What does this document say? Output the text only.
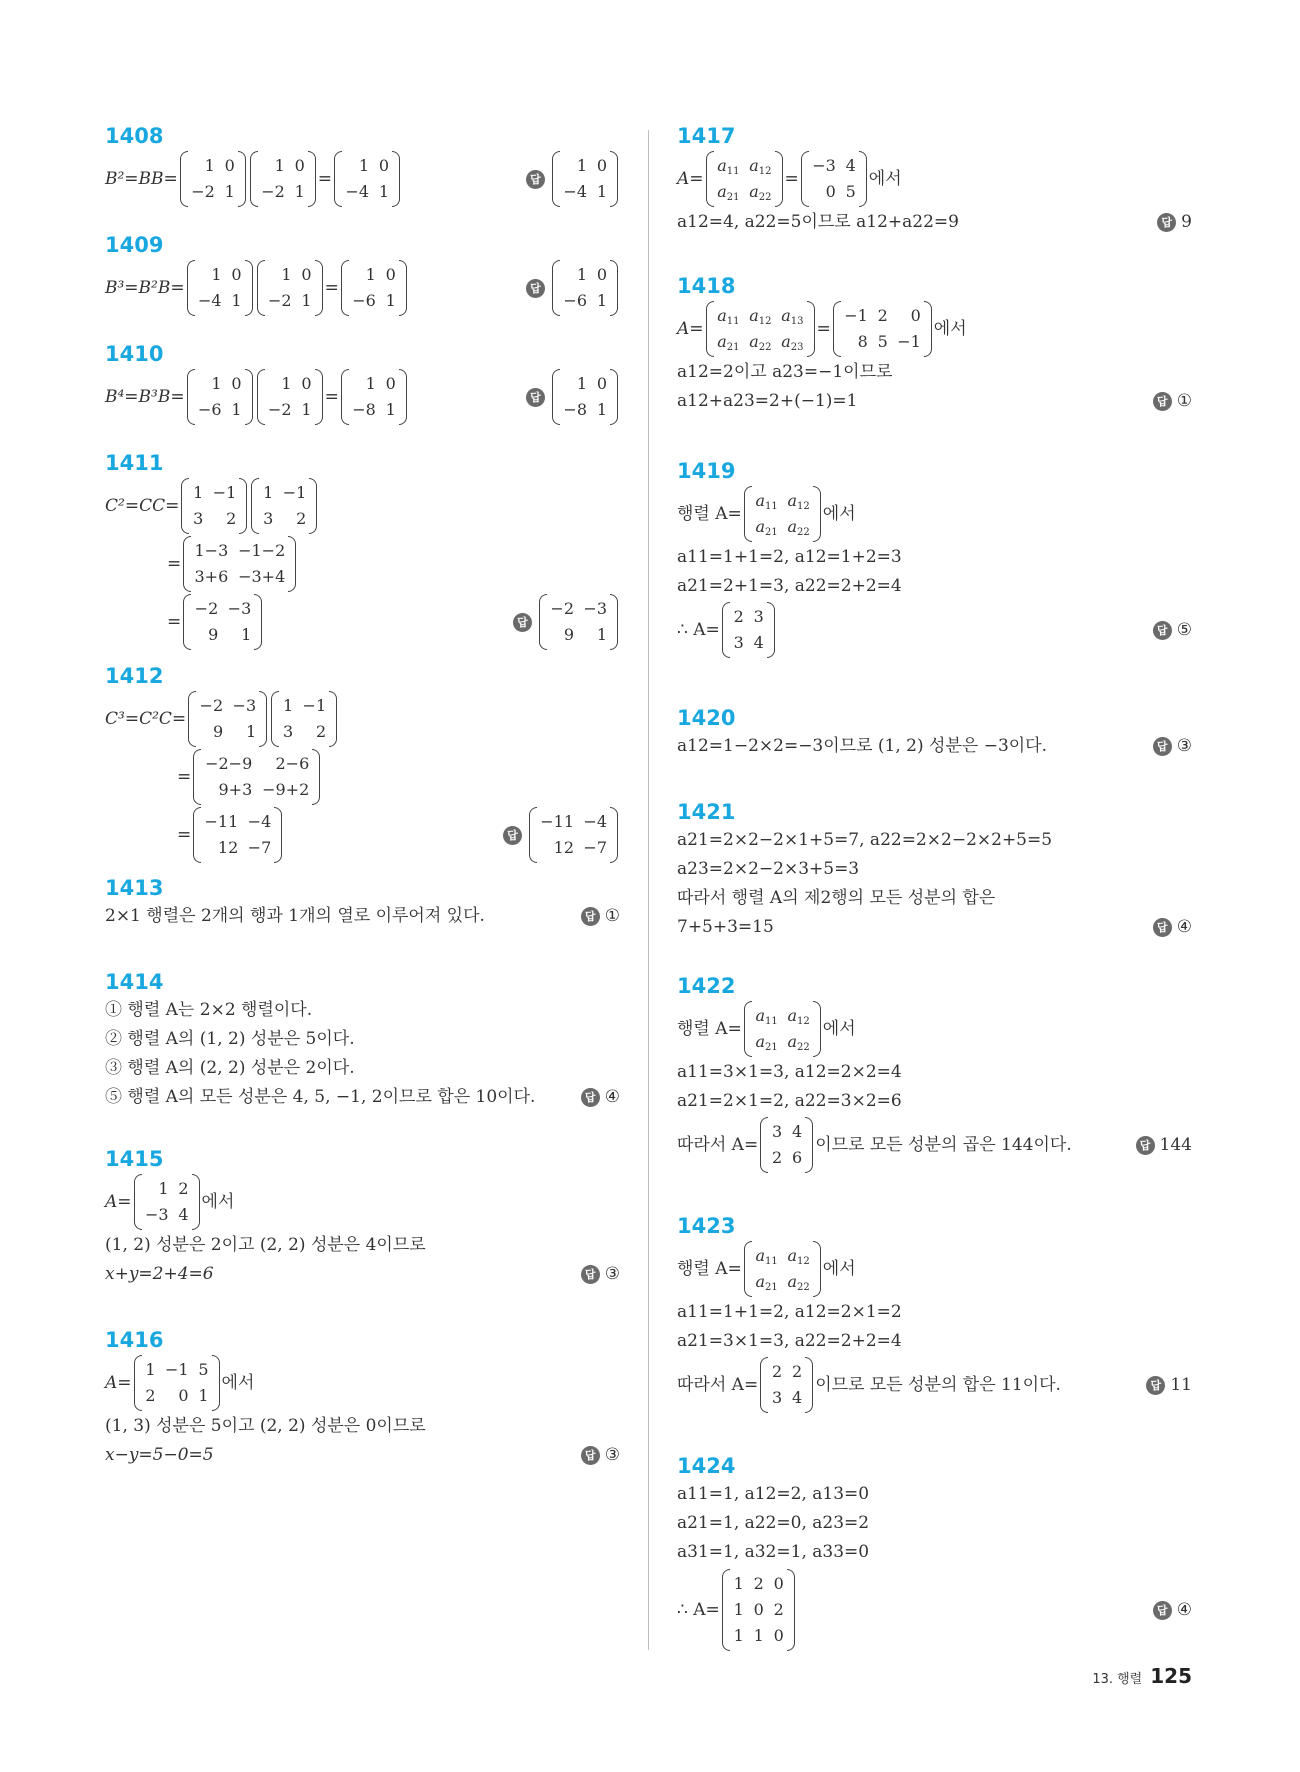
1408
B²=BB=
1 0
−2 1
1 0
−2 1
=
1 0
−4 1
답
1 0
−4 1
1409
B³=B²B=
1 0
−4 1
1 0
−2 1
=
1 0
−6 1
답
1 0
−6 1
1410
B⁴=B³B=
1 0
−6 1
1 0
−2 1
=
1 0
−8 1
답
1 0
−8 1
1411
C²=CC=
1 −1
3	2
1 −1
3	2
=
1−3 −1−2
3+6 −3+4
=
−2 −3
9	1
답
−2 −3
9	1
1412
C³=C²C=
−2 −3
9	1
1 −1
3	2
=
−2−9	2−6
9+3 −9+2
=
−11 −4
12 −7
답
−11 −4
12 −7
1413
2×1 행렬은 2개의 행과 1개의 열로 이루어져 있다.	답 ①
1414
① 행렬 A는 2×2 행렬이다.
② 행렬 A의 (1, 2) 성분은 5이다.
③ 행렬 A의 (2, 2) 성분은 2이다.
⑤ 행렬 A의 모든 성분은 4, 5, −1, 2이므로 합은 10이다.	답 ④
1415
A=
1 2
−3 4
에서
(1, 2) 성분은 2이고 (2, 2) 성분은 4이므로
x+y=2+4=6	답 ③
1416
A=
1 −1 5
2	0 1
에서
(1, 3) 성분은 5이고 (2, 2) 성분은 0이므로
x−y=5−0=5	답 ③
1417
A=
$a_{11}$ $a_{12}$
$a_{21}$ $a_{22}$
=
−3 4
0 5
에서
a12=4, a22=5이므로 a12+a22=9	답 9
1418
A=
$a_{11}$ $a_{12}$ $a_{13}$
$a_{21}$ $a_{22}$ $a_{23}$
=
−1 2	0
8 5 −1
에서
a12=2이고 a23=−1이므로
a12+a23=2+(−1)=1	답 ①
1419
행렬 A=
$a_{11}$ $a_{12}$
$a_{21}$ $a_{22}$
에서
a11=1+1=2, a12=1+2=3
a21=2+1=3, a22=2+2=4
∴ A=
2 3
3 4
답 ⑤
1420
a12=1−2×2=−3이므로 (1, 2) 성분은 −3이다.	답 ③
1421
a21=2×2−2×1+5=7, a22=2×2−2×2+5=5
a23=2×2−2×3+5=3
따라서 행렬 A의 제2행의 모든 성분의 합은
7+5+3=15	답 ④
1422
행렬 A=
$a_{11}$ $a_{12}$
$a_{21}$ $a_{22}$
에서
a11=3×1=3, a12=2×2=4
a21=2×1=2, a22=3×2=6
따라서 A=
3 4
2 6
이므로 모든 성분의 곱은 144이다.	답 144
1423
행렬 A=
$a_{11}$ $a_{12}$
$a_{21}$ $a_{22}$
에서
a11=1+1=2, a12=2×1=2
a21=3×1=3, a22=2+2=4
따라서 A=
2 2
3 4
이므로 모든 성분의 합은 11이다.	답 11
1424
a11=1, a12=2, a13=0
a21=1, a22=0, a23=2
a31=1, a32=1, a33=0
∴ A=
1 2 0
1 0 2
1 1 0
답 ④
13. 행렬 125
